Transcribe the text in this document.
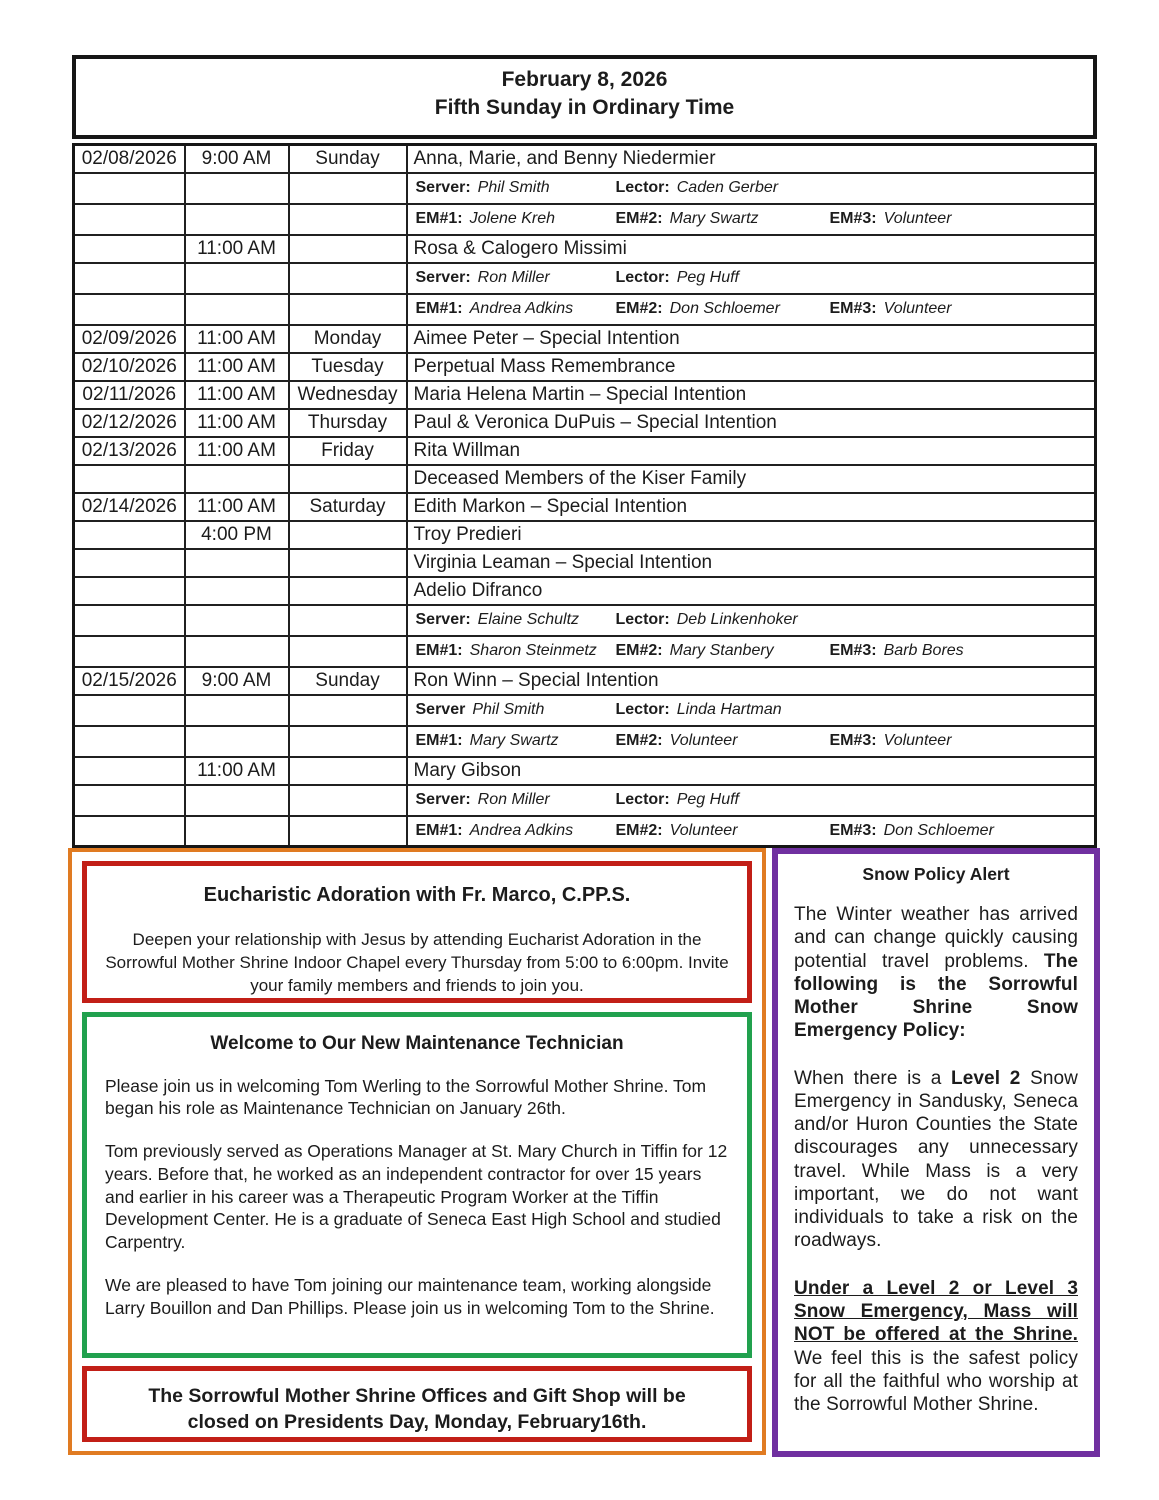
February 8, 2026
Fifth Sunday in Ordinary Time
02/08/2026	9:00 AM	Sunday	Anna, Marie, and Benny Niedermier

			Server: Phil Smith Lector: Caden Gerber

			EM#1: Jolene Kreh EM#2: Mary Swartz EM#3: Volunteer

	11:00 AM		Rosa & Calogero Missimi

			Server: Ron Miller Lector: Peg Huff

			EM#1: Andrea Adkins EM#2: Don Schloemer EM#3: Volunteer

02/09/2026	11:00 AM	Monday	Aimee Peter – Special Intention
02/10/2026	11:00 AM	Tuesday	Perpetual Mass Remembrance
02/11/2026	11:00 AM	Wednesday	Maria Helena Martin – Special Intention
02/12/2026	11:00 AM	Thursday	Paul & Veronica DuPuis – Special Intention
02/13/2026	11:00 AM	Friday	Rita Willman
			Deceased Members of the Kiser Family
02/14/2026	11:00 AM	Saturday	Edith Markon – Special Intention
	4:00 PM		Troy Predieri
			Virginia Leaman – Special Intention
			Adelio Difranco

			Server: Elaine Schultz Lector: Deb Linkenhoker

			EM#1: Sharon Steinmetz EM#2: Mary Stanbery EM#3: Barb Bores

02/15/2026	9:00 AM	Sunday	Ron Winn – Special Intention

			Server Phil Smith Lector: Linda Hartman

			EM#1: Mary Swartz EM#2: Volunteer EM#3: Volunteer

	11:00 AM		Mary Gibson

			Server: Ron Miller Lector: Peg Huff

			EM#1: Andrea Adkins EM#2: Volunteer EM#3: Don Schloemer
Eucharistic Adoration with Fr. Marco, C.PP.S.
Deepen your relationship with Jesus by attending Eucharist Adoration in the Sorrowful Mother Shrine Indoor Chapel every Thursday from 5:00 to 6:00pm. Invite your family members and friends to join you.
Welcome to Our New Maintenance Technician

Please join us in welcoming Tom Werling to the Sorrowful Mother Shrine. Tom began his role as Maintenance Technician on January 26th.

Tom previously served as Operations Manager at St. Mary Church in Tiffin for 12 years. Before that, he worked as an independent contractor for over 15 years and earlier in his career was a Therapeutic Program Worker at the Tiffin Development Center. He is a graduate of Seneca East High School and studied Carpentry.

We are pleased to have Tom joining our maintenance team, working alongside Larry Bouillon and Dan Phillips. Please join us in welcoming Tom to the Shrine.

The Sorrowful Mother Shrine Offices and Gift Shop will be closed on Presidents Day, Monday, February16th.
Snow Policy Alert

The Winter weather has arrived and can change quickly causing potential travel problems. The following is the Sorrowful Mother Shrine Snow Emergency Policy:

When there is a Level 2 Snow Emergency in Sandusky, Seneca and/or Huron Counties the State discourages any unnecessary travel. While Mass is a very important, we do not want individuals to take a risk on the roadways.

Under a Level 2 or Level 3 Snow Emergency, Mass will NOT be offered at the Shrine. We feel this is the safest policy for all the faithful who worship at the Sorrowful Mother Shrine.
